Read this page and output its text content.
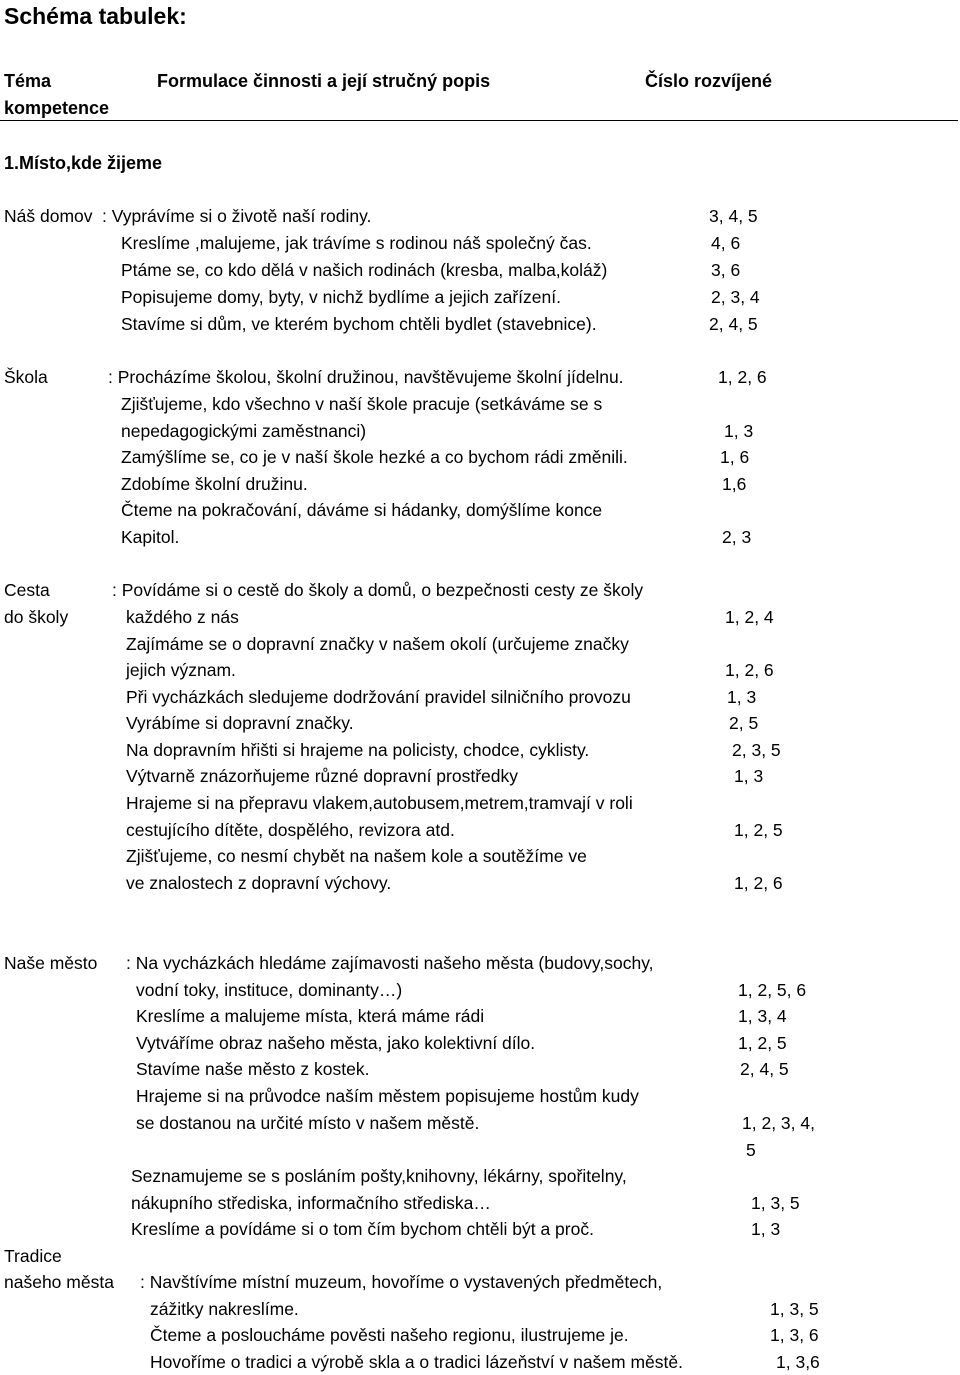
Schéma tabulek:
Téma	Formulace činnosti a její stručný popis	Číslo rozvíjené
kompetence
1.Místo,kde žijeme
Náš domov : Vyprávíme si o životě naší rodiny.	3, 4, 5
Kreslíme ,malujeme, jak trávíme s rodinou náš společný čas.	4, 6
Ptáme se, co kdo dělá v našich rodinách (kresba, malba,koláž)	3, 6
Popisujeme domy, byty, v nichž bydlíme a jejich zařízení.	2, 3, 4
Stavíme si dům, ve kterém bychom chtěli bydlet (stavebnice).	2, 4, 5
Škola	: Procházíme školou, školní družinou, navštěvujeme školní jídelnu.	1, 2, 6
Zjišťujeme, kdo všechno v naší škole pracuje (setkáváme se s
nepedagogickými zaměstnanci)	1, 3
Zamýšlíme se, co je v naší škole hezké a co bychom rádi změnili.	1, 6
Zdobíme školní družinu.	1,6
Čteme na pokračování, dáváme si hádanky, domýšlíme konce
Kapitol.	2, 3
Cesta	: Povídáme si o cestě do školy a domů, o bezpečnosti cesty ze školy
do školy	každého z nás	1, 2, 4
Zajímáme se o dopravní značky v našem okolí (určujeme značky
jejich význam.	1, 2, 6
Při vycházkách sledujeme dodržování pravidel silničního provozu	1, 3
Vyrábíme si dopravní značky.	2, 5
Na dopravním hřišti si hrajeme na policisty, chodce, cyklisty.	2, 3, 5
Výtvarně znázorňujeme různé dopravní prostředky	1, 3
Hrajeme si na přepravu vlakem,autobusem,metrem,tramvají v roli
cestujícího dítěte, dospělého, revizora atd.	1, 2, 5
Zjišťujeme, co nesmí chybět na našem kole a soutěžíme ve
ve znalostech z dopravní výchovy.	1, 2, 6
Naše město : Na vycházkách hledáme zajímavosti našeho města (budovy,sochy,
vodní toky, instituce, dominanty…)	1, 2, 5, 6
Kreslíme a malujeme místa, která máme rádi	1, 3, 4
Vytváříme obraz našeho města, jako kolektivní dílo.	1, 2, 5
Stavíme naše město z kostek.	2, 4, 5
Hrajeme si na průvodce naším městem popisujeme hostům kudy
se dostanou na určité místo v našem městě.	1, 2, 3, 4,
5
Seznamujeme se s posláním pošty,knihovny, lékárny, spořitelny,
nákupního střediska, informačního střediska…	1, 3, 5
Kreslíme a povídáme si o tom čím bychom chtěli být a proč.	1, 3
Tradice
našeho města : Navštívíme místní muzeum, hovoříme o vystavených předmětech,
zážitky nakreslíme.	1, 3, 5
Čteme a posloucháme pověsti našeho regionu, ilustrujeme je.	1, 3, 6
Hovoříme o tradici a výrobě skla a o tradici lázeňství v našem městě.	1, 3,6
